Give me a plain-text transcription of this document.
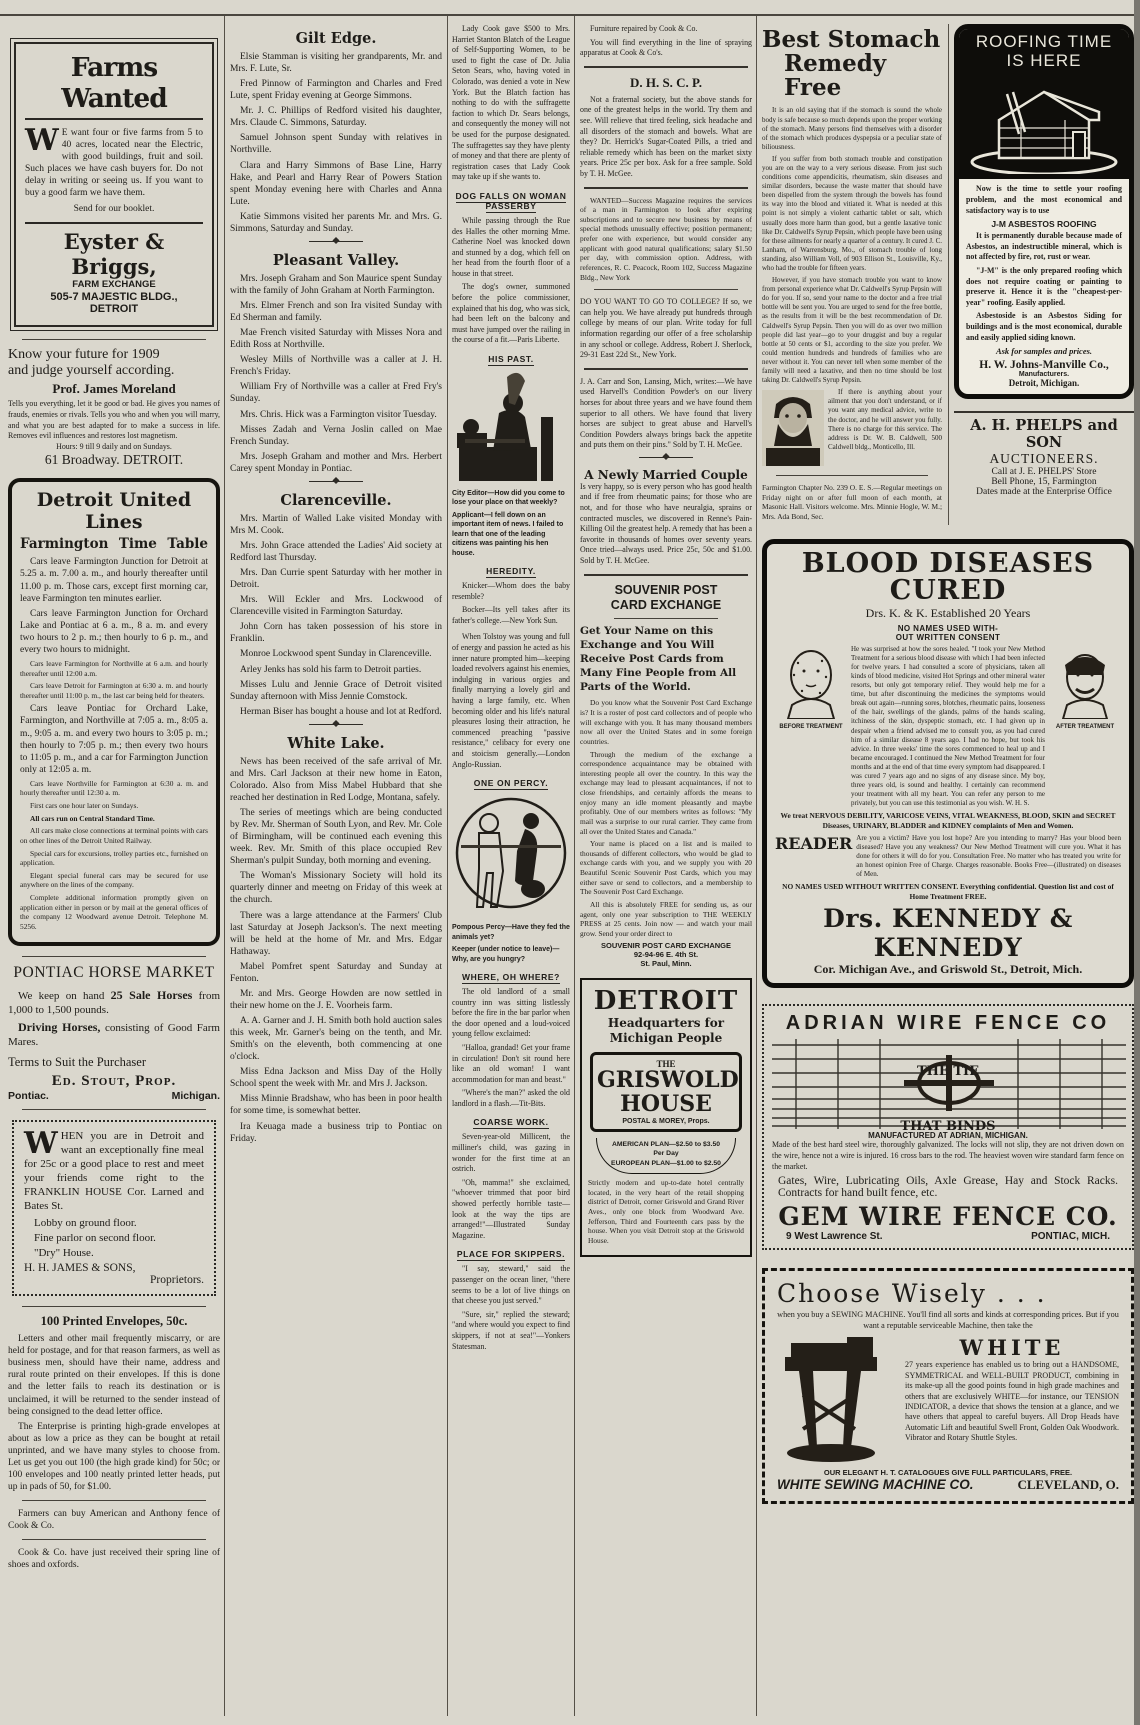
Farms Wanted
W E want four or five farms from 5 to 40 acres, located near the Electric, with good buildings, fruit and soil. Such places we have cash buyers for. Do not delay in writing or seeing us. If you want to buy a good farm we have them.

Send for our booklet.

Eyster & Briggs,
FARM EXCHANGE
505-7 MAJESTIC BLDG., DETROIT
Know your future for 1909
and judge yourself according.
Prof. James Moreland
Tells you everything, let it be good or bad. He gives you names of frauds, enemies or rivals. Tells you who and when you will marry, and what you are best adapted for to make a success in life. Removes evil influences and restores lost magnetism.
Hours: 9 till 9 daily and on Sundays.
61 Broadway. DETROIT.
Detroit United Lines
Farmington Time Table

Cars leave Farmington Junction for Detroit at 5.25 a. m. 7.00 a. m., and hourly thereafter until 11.00 p. m. Those cars, except first morning car, leave Farmington ten minutes earlier.

Cars leave Farmington Junction for Orchard Lake and Pontiac at 6 a. m., 8 a. m. and every two hours to 2 p. m.; then hourly to 6 p. m., and every two hours to midnight.

Cars leave Farmington for Northville at 6 a.m. and hourly thereafter until 12:00 a.m.

Cars leave Detroit for Farmington at 6:30 a. m. and hourly thereafter until 11:00 p. m., the last car being held for theaters.

Cars leave Pontiac for Orchard Lake, Farmington, and Northville at 7:05 a. m., 8:05 a. m., 9:05 a. m. and every two hours to 3:05 p. m.; then hourly to 7:05 p. m.; then every two hours to 11:05 p. m., and a car for Farmington Junction only at 12:05 a. m.

Cars leave Northville for Farmington at 6:30 a. m. and hourly thereafter until 12:30 a. m.

First cars one hour later on Sundays.

All cars run on Central Standard Time.

All cars make close connections at terminal points with cars on other lines of the Detroit United Railway.

Special cars for excursions, trolley parties etc., furnished on application.

Elegant special funeral cars may be secured for use anywhere on the lines of the company.

Complete additional information promptly given on application either in person or by mail at the general offices of the company 12 Woodward avenue Detroit. Telephone M. 5256.

PONTIAC HORSE MARKET

We keep on hand 25 Sale Horses from 1,000 to 1,500 pounds.

Driving Horses, consisting of Good Farm Mares.

Terms to Suit the Purchaser

Ed. Stout, Prop.
Pontiac.	Michigan.
WHEN you are in Detroit and want an exceptionally fine meal for 25c or a good place to rest and meet your friends come right to the FRANKLIN HOUSE Cor. Larned and Bates St.

Lobby on ground floor.

Fine parlor on second floor.

"Dry" House.

H. H. JAMES & SONS,
Proprietors.
100 Printed Envelopes, 50c.

Letters and other mail frequently miscarry, or are held for postage, and for that reason farmers, as well as business men, should have their name, address and rural route printed on their envelopes. If this is done and the letter fails to reach its destination or is unclaimed, it will be returned to the sender instead of being consigned to the dead letter office.

The Enterprise is printing high-grade envelopes at about as low a price as they can be bought at retail unprinted, and we have many styles to choose from. Let us get you out 100 (the high grade kind) for 50c; or 100 envelopes and 100 neatly printed letter heads, put up in pads of 50, for $1.00.

Farmers can buy American and Anthony fence of Cook & Co.

Cook & Co. have just received their spring line of shoes and oxfords.

Gilt Edge.

Elsie Stamman is visiting her grandparents, Mr. and Mrs. F. Lute, Sr.

Fred Pinnow of Farmington and Charles and Fred Lute, spent Friday evening at George Simmons.

Mr. J. C. Phillips of Redford visited his daughter, Mrs. Claude C. Simmons, Saturday.

Samuel Johnson spent Sunday with relatives in Northville.

Clara and Harry Simmons of Base Line, Harry Hake, and Pearl and Harry Rear of Powers Station spent Monday evening here with Charles and Anna Lute.

Katie Simmons visited her parents Mr. and Mrs. G. Simmons, Saturday and Sunday.

Pleasant Valley.

Mrs. Joseph Graham and Son Maurice spent Sunday with the family of John Graham at North Farmington.

Mrs. Elmer French and son Ira visited Sunday with Ed Sherman and family.

Mae French visited Saturday with Misses Nora and Edith Ross at Northville.

Wesley Mills of Northville was a caller at J. H. French's Friday.

William Fry of Northville was a caller at Fred Fry's Sunday.

Mrs. Chris. Hick was a Farmington visitor Tuesday.

Misses Zadah and Verna Joslin called on Mae French Sunday.

Mrs. Joseph Graham and mother and Mrs. Herbert Carey spent Monday in Pontiac.

Clarenceville.

Mrs. Martin of Walled Lake visited Monday with Mrs M. Cook.

Mrs. John Grace attended the Ladies' Aid society at Redford last Thursday.

Mrs. Dan Currie spent Saturday with her mother in Detroit.

Mrs. Will Eckler and Mrs. Lockwood of Clarenceville visited in Farmington Saturday.

John Corn has taken possession of his store in Franklin.

Monroe Lockwood spent Sunday in Clarenceville.

Arley Jenks has sold his farm to Detroit parties.

Misses Lulu and Jennie Grace of Detroit visited Sunday afternoon with Miss Jennie Comstock.

Herman Biser has bought a house and lot at Redford.

White Lake.

News has been received of the safe arrival of Mr. and Mrs. Carl Jackson at their new home in Eaton, Colorado. Also from Miss Mabel Hubbard that she reached her destination in Red Lodge, Montana, safely.

The series of meetings which are being conducted by Rev. Mr. Sherman of South Lyon, and Rev. Mr. Cole of Birmingham, will be continued each evening this week. Rev. Mr. Smith of this place occupied Rev Sherman's pulpit Sunday, both morning and evening.

The Woman's Missionary Society will hold its quarterly dinner and meetng on Friday of this week at the church.

There was a large attendance at the Farmers' Club last Saturday at Joseph Jackson's. The next meeting will be held at the home of Mr. and Mrs. Edgar Hathaway.

Mabel Pomfret spent Saturday and Sunday at Fenton.

Mr. and Mrs. George Howden are now settled in their new home on the J. E. Voorheis farm.

A. A. Garner and J. H. Smith both hold auction sales this week, Mr. Garner's being on the tenth, and Mr. Smith's on the eleventh, both commencing at one o'clock.

Miss Edna Jackson and Miss Day of the Holly School spent the week with Mr. and Mrs J. Jackson.

Miss Minnie Bradshaw, who has been in poor health for some time, is somewhat better.

Ira Keuaga made a business trip to Pontiac on Friday.

Lady Cook gave $500 to Mrs. Harriet Stanton Blatch of the League of Self-Supporting Women, to be used to fight the case of Dr. Julia Seton Sears, who, having voted in Colorado, was denied a vote in New York. But the Blatch faction has nothing to do with the suffragette faction to which Dr. Sears belongs, and consequently the money will not be used for the purpose designated. The suffragettes say they have plenty of money and that there are plenty of registration cases that Lady Cook may take up if she wants to.

DOG FALLS ON WOMAN PASSERBY

While passing through the Rue des Halles the other morning Mme. Catherine Noel was knocked down and stunned by a dog, which fell on her head from the fourth floor of a house in that street.

The dog's owner, summoned before the police commissioner, explained that his dog, who was sick, had been left on the balcony and must have jumped over the railing in the course of a fit.—Paris Liberte.

HIS PAST.

City Editor—How did you come to lose your place on that weekly?

Applicant—I fell down on an important item of news. I failed to learn that one of the leading citizens was painting his hen house.

HEREDITY.

Knicker—Whom does the baby resemble?

Bocker—Its yell takes after its father's college.—New York Sun.

When Tolstoy was young and full of energy and passion he acted as his inner nature prompted him—keeping loaded revolvers against his enemies, indulging in various orgies and finally marrying a lovely girl and having a large family, etc. When becoming older and his life's natural pleasures losing their attraction, he commenced preaching "passive resistance," celibacy for every one and stoicism generally.—London Anglo-Russian.

ONE ON PERCY.

Pompous Percy—Have they fed the animals yet?

Keeper (under notice to leave)—Why, are you hungry?

WHERE, OH WHERE?

The old landlord of a small country inn was sitting listlessly before the fire in the bar parlor when the door opened and a loud-voiced young fellow exclaimed:

"Halloa, grandad! Get your frame in circulation! Don't sit round here like an old woman! I want accommodation for man and beast."

"Where's the man?" asked the old landlord in a flash.—Tit-Bits.

COARSE WORK.

Seven-year-old Millicent, the milliner's child, was gazing in wonder for the first time at an ostrich.

"Oh, mamma!" she exclaimed, "whoever trimmed that poor bird showed perfectly horrible taste—look at the way the tips are arranged!"—Illustrated Sunday Magazine.

PLACE FOR SKIPPERS.

"I say, steward," said the passenger on the ocean liner, "there seems to be a lot of live things on that cheese you just served."

"Sure, sir," replied the steward; "and where would you expect to find skippers, if not at sea!"—Yonkers Statesman.

Furniture repaired by Cook & Co.

You will find everything in the line of spraying apparatus at Cook & Co's.

D. H. S. C. P.

Not a fraternal society, but the above stands for one of the greatest helps in the world. Try them and see. Will relieve that tired feeling, sick headache and all disorders of the stomach and bowels. What are they? Dr. Herrick's Sugar-Coated Pills, a tried and reliable remedy which has been on the market sixty years. Price 25c per box. Ask for a free sample. Sold by T. H. McGee.

WANTED—Success Magazine requires the services of a man in Farmington to look after expiring subscriptions and to secure new business by means of special methods unusually effective; position permanent; prefer one with experience, but would consider any applicant with good natural qualifications; salary $1.50 per day, with commission option. Address, with references, R. C. Peacock, Room 102, Success Magazine Bldg., New York

DO YOU WANT TO GO TO COLLEGE? If so, we can help you. We have already put hundreds through college by means of our plan. Write today for full information regarding our offer of a free scholarship in any school or college. Address, Robert J. Sherlock, 29-31 East 22d St., New York.

J. A. Carr and Son, Lansing, Mich, writes:—We have used Harvell's Condition Powder's on our livery horses for about three years and we have found them superior to all others. We have found that livery horses are subject to great abuse and Harvell's Condition Powders always brings back the appetite and puts them on their pins." Sold by T. H. McGee.

A Newly Married Couple

Is very happy, so is every person who has good health and if free from rheumatic pains; for those who are not, and for those who have neuralgia, sprains or contracted muscles, we discovered in Renne's Pain-Killing Oil the greatest help. A remedy that has been a favorite in thousands of homes over seventy years. Once tried—always used. Price 25c, 50c and $1.00. Sold by T. H. McGee.

SOUVENIR POST
CARD EXCHANGE
Get Your Name on this Exchange and You Will Receive Post Cards from Many Fine People from All Parts of the World.

Do you know what the Souvenir Post Card Exchange is? It is a roster of post card collectors and of people who will exchange with you. It has many thousand members now all over the United States and in some foreign countries.

Through the medium of the exchange a correspondence acquaintance may be obtained with interesting people all over the country. In this way the exchange may lead to pleasant acquaintances, if not to close friendships, and certainly affords the means to enjoy many an idle moment pleasantly and maybe profitably. One of our members writes as follows: "My mail was a surprise to our rural carrier. They came from all over the United States and Canada."

Your name is placed on a list and is mailed to thousands of different collectors, who would be glad to exchange cards with you, and we supply you with 20 Beautiful Scenic Souvenir Post Cards, which you may either save or send to collectors, and a membership to The Souvenir Post Card Exchange.

All this is absolutely FREE for sending us, as our agent, only one year subscription to THE WEEKLY PRESS at 25 cents. Join now — and watch your mail grow. Send your order direct to

SOUVENIR POST CARD EXCHANGE
92-94-96 E. 4th St.
St. Paul, Minn.
DETROIT
Headquarters for
Michigan People
THE
GRISWOLD
HOUSE
POSTAL & MOREY, Props.
AMERICAN PLAN—$2.50 to $3.50
Per Day
EUROPEAN PLAN—$1.00 to $2.50

Strictly modern and up-to-date hotel centrally located, in the very heart of the retail shopping district of Detroit, corner Griswold and Grand River Aves., only one block from Woodward Ave. Jefferson, Third and Fourteenth cars pass by the house. When you visit Detroit stop at the Griswold House.

Best Stomach
Remedy Free

It is an old saying that if the stomach is sound the whole body is safe because so much depends upon the proper working of the stomach. Many persons find themselves with a disorder of the stomach which produces dyspepsia or a peculiar state of biliousness.

If you suffer from both stomach trouble and constipation you are on the way to a very serious disease. From just such conditions come appendicitis, rheumatism, skin diseases and similar disorders, because the waste matter that should have been dispelled from the system through the bowels has found its way into the blood and vitiated it. What is needed at this point is not simply a violent cathartic tablet or salt, which usually does more harm than good, but a gentle laxative tonic like Dr. Caldwell's Syrup Pepsin, which people have been using for these ailments for nearly a quarter of a century. It cured J. C. Lanham, of Warrensburg, Mo., of stomach trouble of long standing, also William Voll, of 903 Ellison St., Louisville, Ky., who had the trouble for fifteen years.

However, if you have stomach trouble you want to know from personal experience what Dr. Caldwell's Syrup Pepsin will do for you. If so, send your name to the doctor and a free trial bottle will be sent you. You are urged to send for the free bottle, as the results from it will be the best recommendation of Dr. Caldwell's Syrup Pepsin. Then you will do as over two million people did last year—go to your druggist and buy a regular bottle at 50 cents or $1, according to the size you prefer. We could mention hundreds and hundreds of families who are never without it. You can never tell when some member of the family will need a laxative, and then no time should be lost taking Dr. Caldwell's Syrup Pepsin.

If there is anything about your ailment that you don't understand, or if you want any medical advice, write to the doctor, and he will answer you fully. There is no charge for this service. The address is Dr. W. B. Caldwell, 500 Caldwell bldg., Monticello, Ill.

Farmington Chapter No. 239 O. E. S.—Regular meetings on Friday night on or after full moon of each month, at Masonic Hall. Visitors welcome. Mrs. Minnie Hogle, W. M.; Mrs. Ada Bond, Sec.

ROOFING TIME
IS HERE

Now is the time to settle your roofing problem, and the most economical and satisfactory way is to use

J-M ASBESTOS ROOFING

It is permanently durable because made of Asbestos, an indestructible mineral, which is not affected by fire, rot, rust or wear.

"J-M" is the only prepared roofing which does not require coating or painting to preserve it. Hence it is the "cheapest-per-year" roofing. Easily applied.

Asbestoside is an Asbestos Siding for buildings and is the most economical, durable and easily applied siding known.

Ask for samples and prices.

H. W. Johns-Manville Co.,
Manufacturers.
Detroit, Michigan.
A. H. PHELPS and SON
AUCTIONEERS.
Call at J. E. PHELPS' Store
Bell Phone, 15, Farmington
Dates made at the Enterprise Office
BLOOD DISEASES CURED
Drs. K. & K. Established 20 Years
NO NAMES USED WITH-
OUT WRITTEN CONSENT
BEFORE TREATMENT

He was surprised at how the sores healed. "I took your New Method Treatment for a serious blood disease with which I had been infected for twelve years. I had consulted a score of physicians, taken all kinds of blood medicine, visited Hot Springs and other mineral water resorts, but only got temporary relief. They would help me for a time, but after discontinuing the medicines the symptoms would break out again—running sores, blotches, rheumatic pains, looseness of the hair, swellings of the glands, palms of the hands scaling, itchiness of the skin, dyspeptic stomach, etc. I had given up in despair when a friend advised me to consult you, as you had cured him of a similar disease 8 years ago. I had no hope, but took his advice. In three weeks' time the sores commenced to heal up and I became encouraged. I continued the New Method Treatment for four months and at the end of that time every symptom had disappeared. I was cured 7 years ago and no signs of any disease since. My boy, three years old, is sound and healthy. I certainly can recommend your treatment with all my heart. You can refer any person to me privately, but you can use this testimonial as you wish. W. H. S.

AFTER TREATMENT

We treat NERVOUS DEBILITY, VARICOSE VEINS, VITAL WEAKNESS, BLOOD, SKIN and SECRET Diseases, URINARY, BLADDER and KIDNEY complaints of Men and Women.

READER Are you a victim? Have you lost hope? Are you intending to marry? Has your blood been diseased? Have you any weakness? Our New Method Treatment will cure you. What it has done for others it will do for you. Consultation Free. No matter who has treated you write for an honest opinion Free of Charge. Charges reasonable. Books Free—(illustrated) on diseases of Men.

NO NAMES USED WITHOUT WRITTEN CONSENT. Everything confidential. Question list and cost of Home Treatment FREE.

Drs. KENNEDY & KENNEDY
Cor. Michigan Ave., and Griswold St., Detroit, Mich.
ADRIAN WIRE FENCE CO
THE TIE
THAT BINDS
MANUFACTURED AT ADRIAN, MICHIGAN.

Made of the best hard steel wire, thoroughly galvanized. The locks will not slip, they are not driven down on the wire, hence not a wire is injured. 16 cross bars to the rod. The heaviest woven wire standard farm fence on the market.

Gates, Wire, Lubricating Oils, Axle Grease, Hay and Stock Racks. Contracts for hand built fence, etc.

GEM WIRE FENCE CO.
9 West Lawrence St.	PONTIAC, MICH.
Choose Wisely . . .

when you buy a SEWING MACHINE. You'll find all sorts and kinds at corresponding prices. But if you want a reputable serviceable Machine, then take the

WHITE

27 years experience has enabled us to bring out a HANDSOME, SYMMETRICAL and WELL-BUILT PRODUCT, combining in its make-up all the good points found in high grade machines and others that are exclusively WHITE—for instance, our TENSION INDICATOR, a device that shows the tension at a glance, and we have others that appeal to careful buyers. All Drop Heads have Automatic Lift and beautiful Swell Front, Golden Oak Woodwork. Vibrator and Rotary Shuttle Styles.

OUR ELEGANT H. T. CATALOGUES GIVE FULL PARTICULARS, FREE.
WHITE SEWING MACHINE CO.	CLEVELAND, O.
